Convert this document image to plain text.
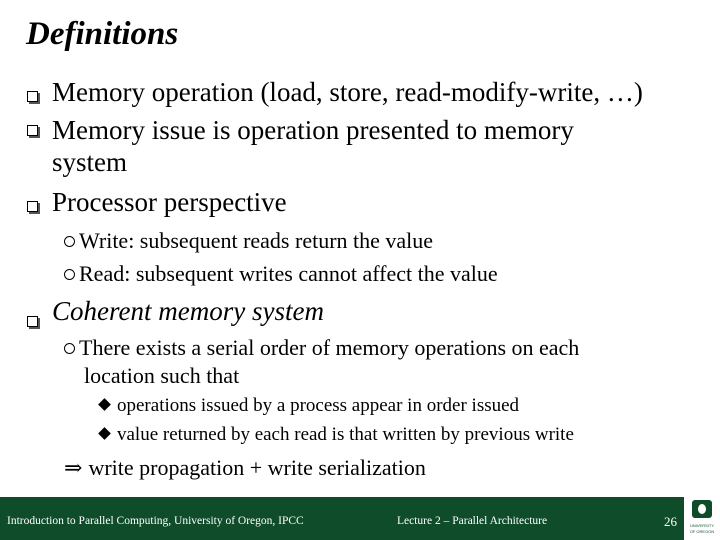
Definitions
Memory operation (load, store, read-modify-write, …)
Memory issue is operation presented to memory
system
Processor perspective
Write: subsequent reads return the value
Read: subsequent writes cannot affect the value
Coherent memory system
There exists a serial order of memory operations on each
location such that
operations issued by a process appear in order issued
value returned by each read is that written by previous write
⇒ write propagation + write serialization
Introduction to Parallel Computing, University of Oregon, IPCC	Lecture 2 – Parallel Architecture	26	UNIVERSITY
OF OREGON
